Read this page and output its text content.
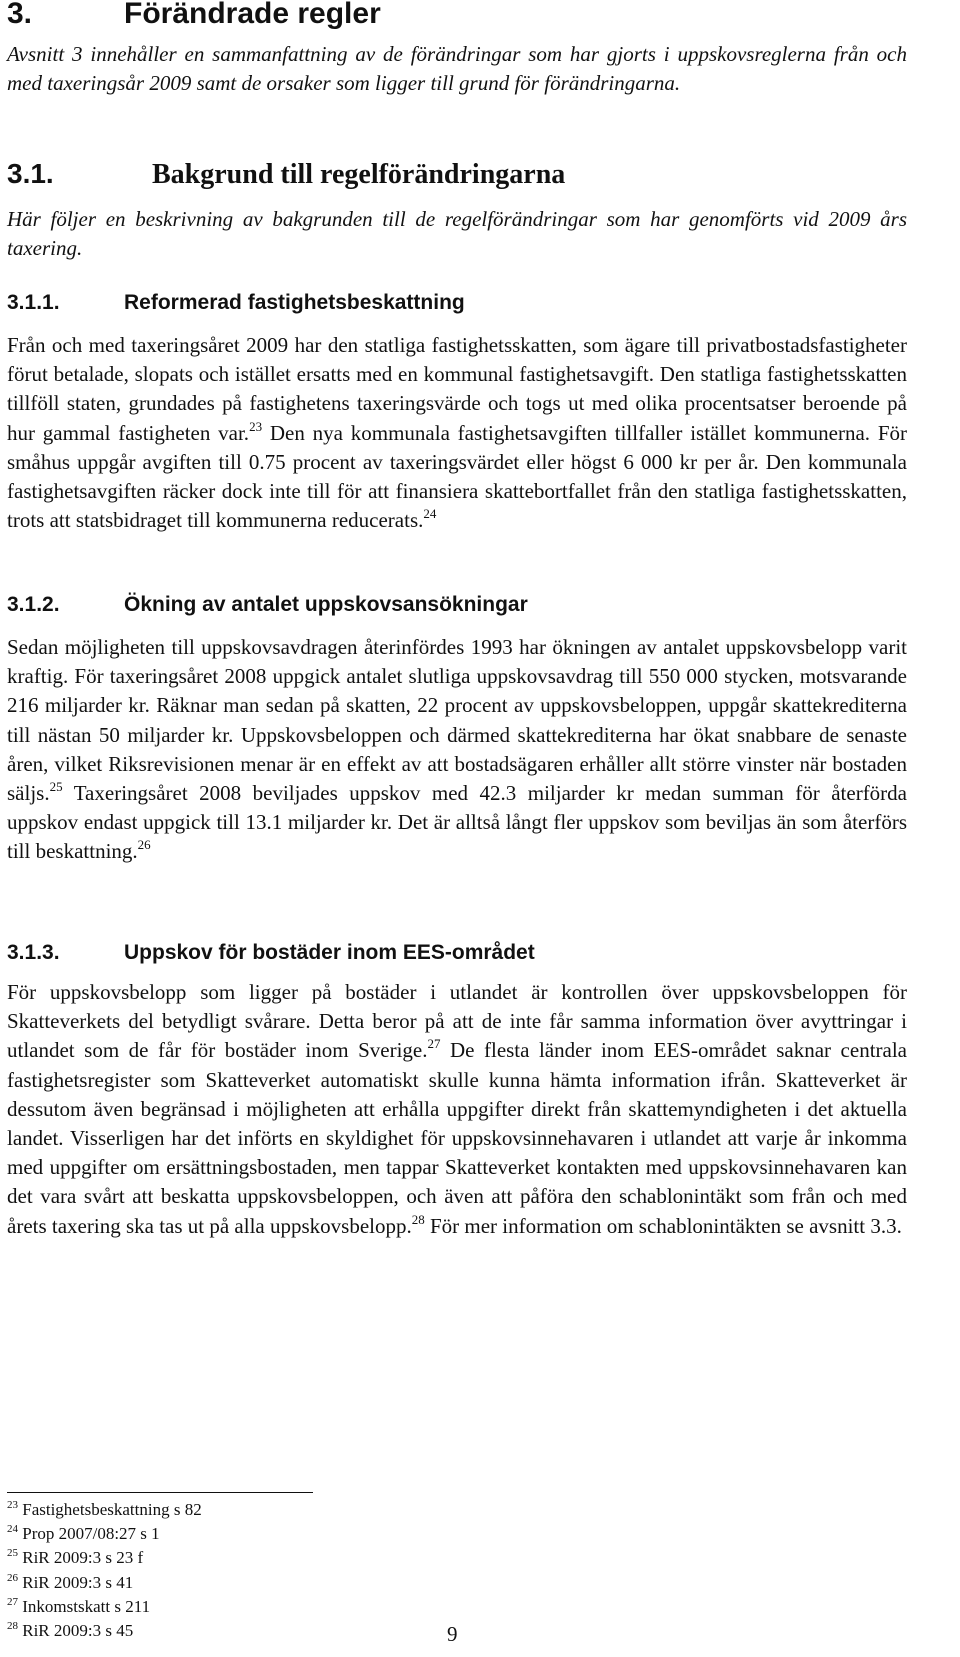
3.	Förändrade regler

Avsnitt 3 innehåller en sammanfattning av de förändringar som har gjorts i uppskovsreglerna från och med taxeringsår 2009 samt de orsaker som ligger till grund för förändringarna.

3.1.	Bakgrund till regelförändringarna

Här följer en beskrivning av bakgrunden till de regelförändringar som har genomförts vid 2009 års taxering.

3.1.1.	Reformerad fastighetsbeskattning

Från och med taxeringsåret 2009 har den statliga fastighetsskatten, som ägare till privatbostadsfastigheter förut betalade, slopats och istället ersatts med en kommunal fastighetsavgift. Den statliga fastighetsskatten tillföll staten, grundades på fastighetens taxeringsvärde och togs ut med olika procentsatser beroende på hur gammal fastigheten var.$^{23}$ Den nya kommunala fastighetsavgiften tillfaller istället kommunerna. För småhus uppgår avgiften till 0.75 procent av taxeringsvärdet eller högst 6 000 kr per år. Den kommunala fastighetsavgiften räcker dock inte till för att finansiera skattebortfallet från den statliga fastighetsskatten, trots att statsbidraget till kommunerna reducerats.$^{24}$

3.1.2.	Ökning av antalet uppskovsansökningar

Sedan möjligheten till uppskovsavdragen återinfördes 1993 har ökningen av antalet uppskovsbelopp varit kraftig. För taxeringsåret 2008 uppgick antalet slutliga uppskovsavdrag till 550 000 stycken, motsvarande 216 miljarder kr. Räknar man sedan på skatten, 22 procent av uppskovsbeloppen, uppgår skattekrediterna till nästan 50 miljarder kr. Uppskovsbeloppen och därmed skattekrediterna har ökat snabbare de senaste åren, vilket Riksrevisionen menar är en effekt av att bostadsägaren erhåller allt större vinster när bostaden säljs.$^{25}$ Taxeringsåret 2008 beviljades uppskov med 42.3 miljarder kr medan summan för återförda uppskov endast uppgick till 13.1 miljarder kr. Det är alltså långt fler uppskov som beviljas än som återförs till beskattning.$^{26}$

3.1.3.	Uppskov för bostäder inom EES-området

För uppskovsbelopp som ligger på bostäder i utlandet är kontrollen över uppskovsbeloppen för Skatteverkets del betydligt svårare. Detta beror på att de inte får samma information över avyttringar i utlandet som de får för bostäder inom Sverige.$^{27}$ De flesta länder inom EES-området saknar centrala fastighetsregister som Skatteverket automatiskt skulle kunna hämta information ifrån. Skatteverket är dessutom även begränsad i möjligheten att erhålla uppgifter direkt från skattemyndigheten i det aktuella landet. Visserligen har det införts en skyldighet för uppskovsinnehavaren i utlandet att varje år inkomma med uppgifter om ersättningsbostaden, men tappar Skatteverket kontakten med uppskovsinnehavaren kan det vara svårt att beskatta uppskovsbeloppen, och även att påföra den schablonintäkt som från och med årets taxering ska tas ut på alla uppskovsbelopp.$^{28}$ För mer information om schablonintäkten se avsnitt 3.3.

$^{23}$ Fastighetsbeskattning s 82
$^{24}$ Prop 2007/08:27 s 1
$^{25}$ RiR 2009:3 s 23 f
$^{26}$ RiR 2009:3 s 41
$^{27}$ Inkomstskatt s 211
$^{28}$ RiR 2009:3 s 45	9
